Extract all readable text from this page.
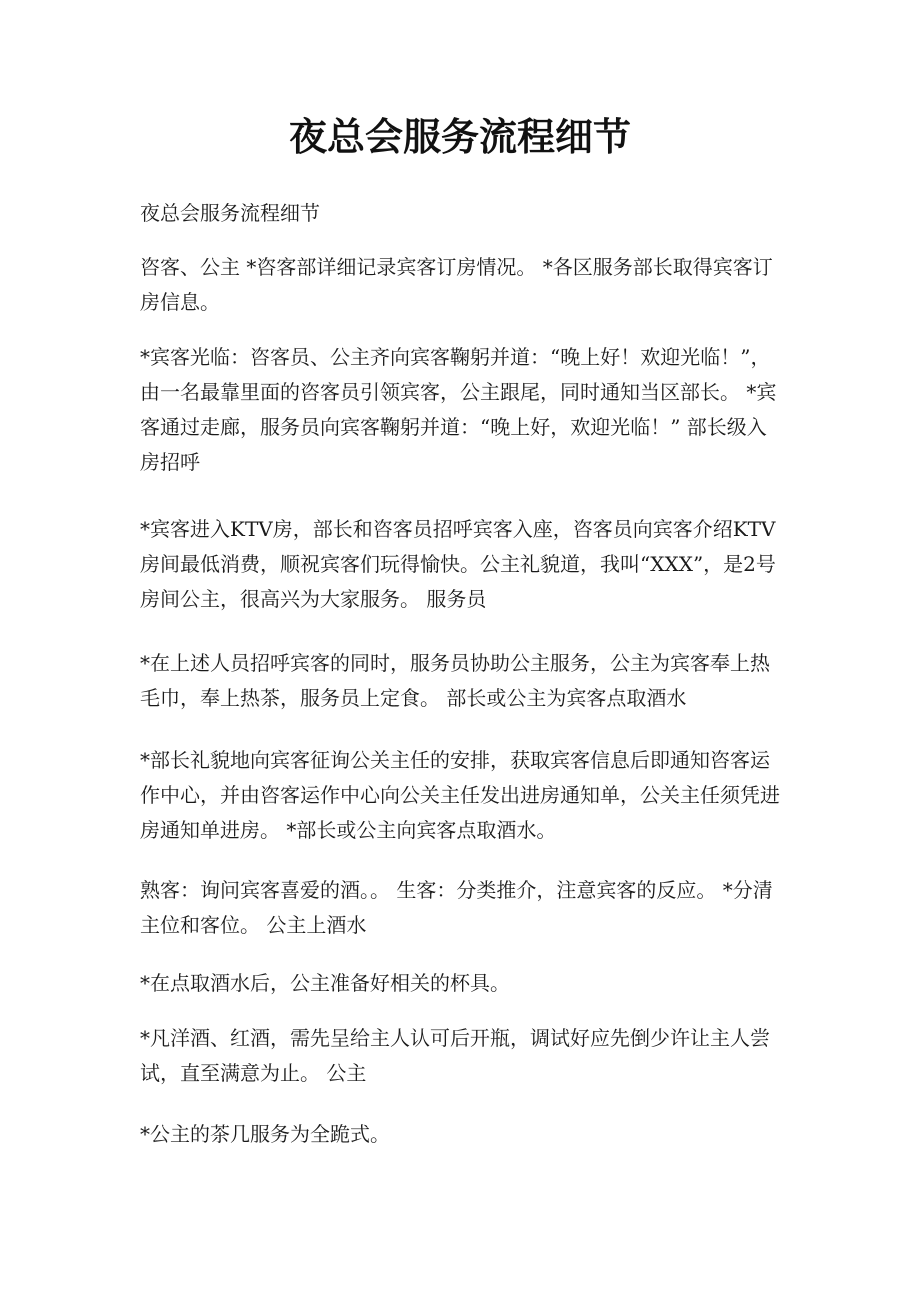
夜总会服务流程细节

夜总会服务流程细节

咨客、公主 *咨客部详细记录宾客订房情况。 *各区服务部长取得宾客订房信息。

*宾客光临：咨客员、公主齐向宾客鞠躬并道：“晚上好！欢迎光临！”，由一名最靠里面的咨客员引领宾客，公主跟尾，同时通知当区部长。 *宾客通过走廊，服务员向宾客鞠躬并道：“晚上好，欢迎光临！” 部长级入房招呼

*宾客进入KTV房，部长和咨客员招呼宾客入座，咨客员向宾客介绍KTV房间最低消费，顺祝宾客们玩得愉快。公主礼貌道，我叫“XXX”，是2号房间公主，很高兴为大家服务。 服务员

*在上述人员招呼宾客的同时，服务员协助公主服务，公主为宾客奉上热毛巾，奉上热茶，服务员上定食。 部长或公主为宾客点取酒水

*部长礼貌地向宾客征询公关主任的安排，获取宾客信息后即通知咨客运作中心，并由咨客运作中心向公关主任发出进房通知单，公关主任须凭进房通知单进房。 *部长或公主向宾客点取酒水。

熟客：询问宾客喜爱的酒。。 生客：分类推介，注意宾客的反应。 *分清主位和客位。 公主上酒水

*在点取酒水后，公主准备好相关的杯具。

*凡洋酒、红酒，需先呈给主人认可后开瓶，调试好应先倒少许让主人尝试，直至满意为止。 公主

*公主的茶几服务为全跪式。
